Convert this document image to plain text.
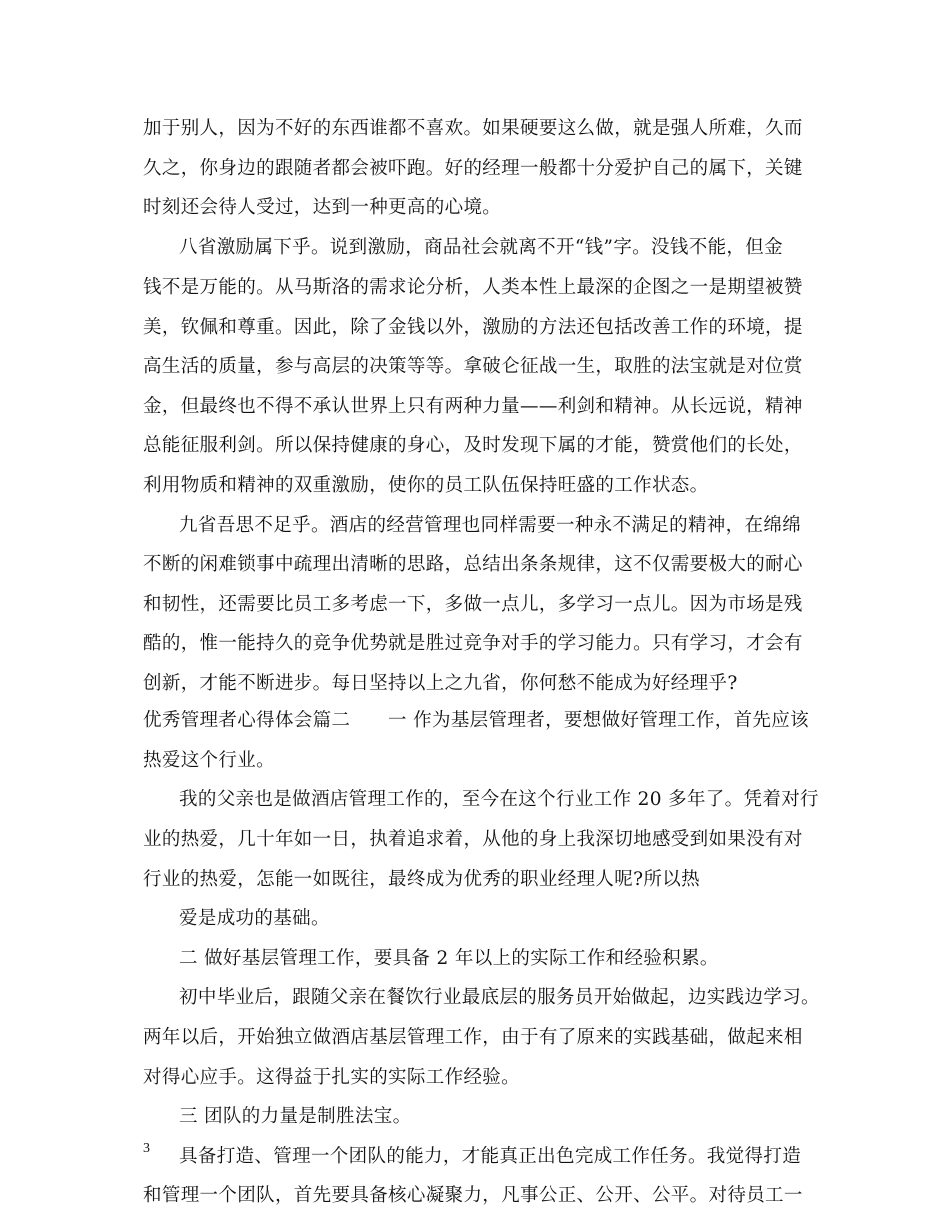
加于别人，因为不好的东西谁都不喜欢。如果硬要这么做，就是强人所难，久而
久之，你身边的跟随者都会被吓跑。好的经理一般都十分爱护自己的属下，关键
时刻还会待人受过，达到一种更高的心境。
八省激励属下乎。说到激励，商品社会就离不开“钱”字。没钱不能，但金
钱不是万能的。从马斯洛的需求论分析，人类本性上最深的企图之一是期望被赞
美，钦佩和尊重。因此，除了金钱以外，激励的方法还包括改善工作的环境，提
高生活的质量，参与高层的决策等等。拿破仑征战一生，取胜的法宝就是对位赏
金，但最终也不得不承认世界上只有两种力量——利剑和精神。从长远说，精神
总能征服利剑。所以保持健康的身心，及时发现下属的才能，赞赏他们的长处，
利用物质和精神的双重激励，使你的员工队伍保持旺盛的工作状态。
九省吾思不足乎。酒店的经营管理也同样需要一种永不满足的精神，在绵绵
不断的闲难锁事中疏理出清晰的思路，总结出条条规律，这不仅需要极大的耐心
和韧性，还需要比员工多考虑一下，多做一点儿，多学习一点儿。因为市场是残
酷的，惟一能持久的竞争优势就是胜过竞争对手的学习能力。只有学习，才会有
创新，才能不断进步。每日坚持以上之九省，你何愁不能成为好经理乎?
优秀管理者心得体会篇二　　一 作为基层管理者，要想做好管理工作，首先应该
热爱这个行业。
我的父亲也是做酒店管理工作的，至今在这个行业工作 20 多年了。凭着对行
业的热爱，几十年如一日，执着追求着，从他的身上我深切地感受到如果没有对
行业的热爱，怎能一如既往，最终成为优秀的职业经理人呢?所以热
爱是成功的基础。
二 做好基层管理工作，要具备 2 年以上的实际工作和经验积累。
初中毕业后，跟随父亲在餐饮行业最底层的服务员开始做起，边实践边学习。
两年以后，开始独立做酒店基层管理工作，由于有了原来的实践基础，做起来相
对得心应手。这得益于扎实的实际工作经验。
三 团队的力量是制胜法宝。
具备打造、管理一个团队的能力，才能真正出色完成工作任务。我觉得打造
和管理一个团队，首先要具备核心凝聚力，凡事公正、公开、公平。对待员工一
3
